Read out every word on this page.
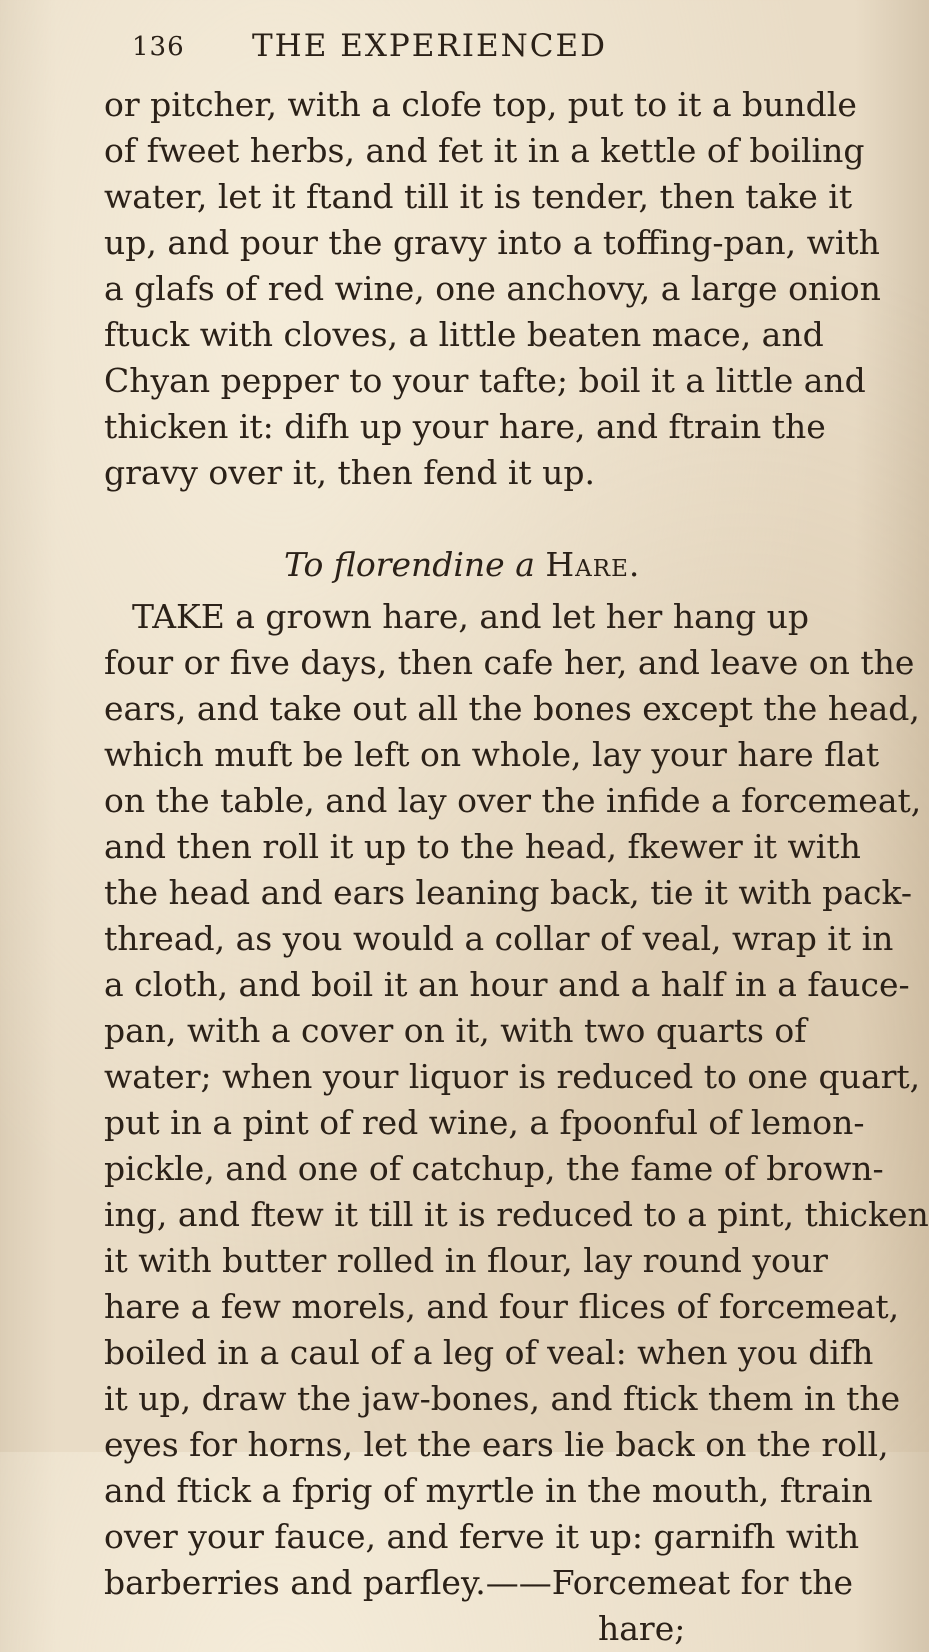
136 THE EXPERIENCED
or pitcher, with a clofe top, put to it a bundle
of fweet herbs, and fet it in a kettle of boiling
water, let it ftand till it is tender, then take it
up, and pour the gravy into a toffing-pan, with
a glafs of red wine, one anchovy, a large onion
ftuck with cloves, a little beaten mace, and
Chyan pepper to your tafte; boil it a little and
thicken it: difh up your hare, and ftrain the
gravy over it, then fend it up.
To florendine a Hare.
TAKE a grown hare, and let her hang up
four or five days, then cafe her, and leave on the
ears, and take out all the bones except the head,
which muft be left on whole, lay your hare flat
on the table, and lay over the infide a forcemeat,
and then roll it up to the head, fkewer it with
the head and ears leaning back, tie it with pack-
thread, as you would a collar of veal, wrap it in
a cloth, and boil it an hour and a half in a fauce-
pan, with a cover on it, with two quarts of
water; when your liquor is reduced to one quart,
put in a pint of red wine, a fpoonful of lemon-
pickle, and one of catchup, the fame of brown-
ing, and ftew it till it is reduced to a pint, thicken
it with butter rolled in flour, lay round your
hare a few morels, and four flices of forcemeat,
boiled in a caul of a leg of veal: when you difh
it up, draw the jaw-bones, and ftick them in the
eyes for horns, let the ears lie back on the roll,
and ftick a fprig of myrtle in the mouth, ftrain
over your fauce, and ferve it up: garnifh with
barberries and parfley.——Forcemeat for the
hare;
